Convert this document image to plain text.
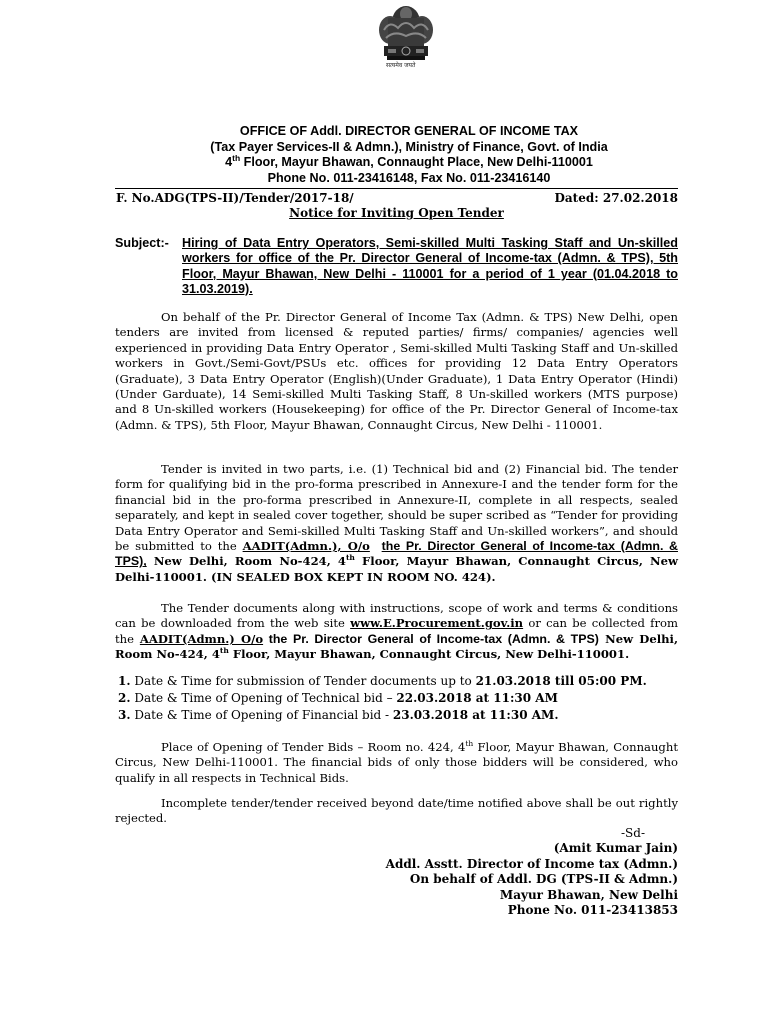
सत्यमेव जयते
OFFICE OF Addl. DIRECTOR GENERAL OF INCOME TAX
(Tax Payer Services-II & Admn.), Ministry of Finance, Govt. of India
4th Floor, Mayur Bhawan, Connaught Place, New Delhi-110001
Phone No. 011-23416148, Fax No. 011-23416140
F. No.ADG(TPS-II)/Tender/2017-18/	Dated: 27.02.2018
Notice for Inviting Open Tender
Subject:- Hiring of Data Entry Operators, Semi-skilled Multi Tasking Staff and Un-skilled workers for office of the Pr. Director General of Income-tax (Admn. & TPS), 5th Floor, Mayur Bhawan, New Delhi - 110001 for a period of 1 year (01.04.2018 to 31.03.2019).
On behalf of the Pr. Director General of Income Tax (Admn. & TPS) New Delhi, open tenders are invited from licensed & reputed parties/ firms/ companies/ agencies well experienced in providing Data Entry Operator , Semi-skilled Multi Tasking Staff and Un-skilled workers in Govt./Semi-Govt/PSUs etc. offices for providing 12 Data Entry Operators (Graduate), 3 Data Entry Operator (English)(Under Graduate), 1 Data Entry Operator (Hindi)(Under Garduate), 14 Semi-skilled Multi Tasking Staff, 8 Un-skilled workers (MTS purpose) and 8 Un-skilled workers (Housekeeping) for office of the Pr. Director General of Income-tax (Admn. & TPS), 5th Floor, Mayur Bhawan, Connaught Circus, New Delhi - 110001.
Tender is invited in two parts, i.e. (1) Technical bid and (2) Financial bid. The tender form for qualifying bid in the pro-forma prescribed in Annexure-I and the tender form for the financial bid in the pro-forma prescribed in Annexure-II, complete in all respects, sealed separately, and kept in sealed cover together, should be super scribed as “Tender for providing Data Entry Operator and Semi-skilled Multi Tasking Staff and Un-skilled workers”, and should be submitted to the AADIT(Admn.), O/o the Pr. Director General of Income-tax (Admn. & TPS), New Delhi, Room No-424, 4th Floor, Mayur Bhawan, Connaught Circus, New Delhi-110001. (IN SEALED BOX KEPT IN ROOM NO. 424).
The Tender documents along with instructions, scope of work and terms & conditions can be downloaded from the web site www.E.Procurement.gov.in or can be collected from the AADIT(Admn.) O/o the Pr. Director General of Income-tax (Admn. & TPS) New Delhi, Room No-424, 4th Floor, Mayur Bhawan, Connaught Circus, New Delhi-110001.
1. Date & Time for submission of Tender documents up to 21.03.2018 till 05:00 PM.
2. Date & Time of Opening of Technical bid – 22.03.2018 at 11:30 AM
3. Date & Time of Opening of Financial bid - 23.03.2018 at 11:30 AM.
Place of Opening of Tender Bids – Room no. 424, 4th Floor, Mayur Bhawan, Connaught Circus, New Delhi-110001. The financial bids of only those bidders will be considered, who qualify in all respects in Technical Bids.
Incomplete tender/tender received beyond date/time notified above shall be out rightly rejected.
-Sd-
(Amit Kumar Jain)
Addl. Asstt. Director of Income tax (Admn.)
On behalf of Addl. DG (TPS-II & Admn.)
Mayur Bhawan, New Delhi
Phone No. 011-23413853
